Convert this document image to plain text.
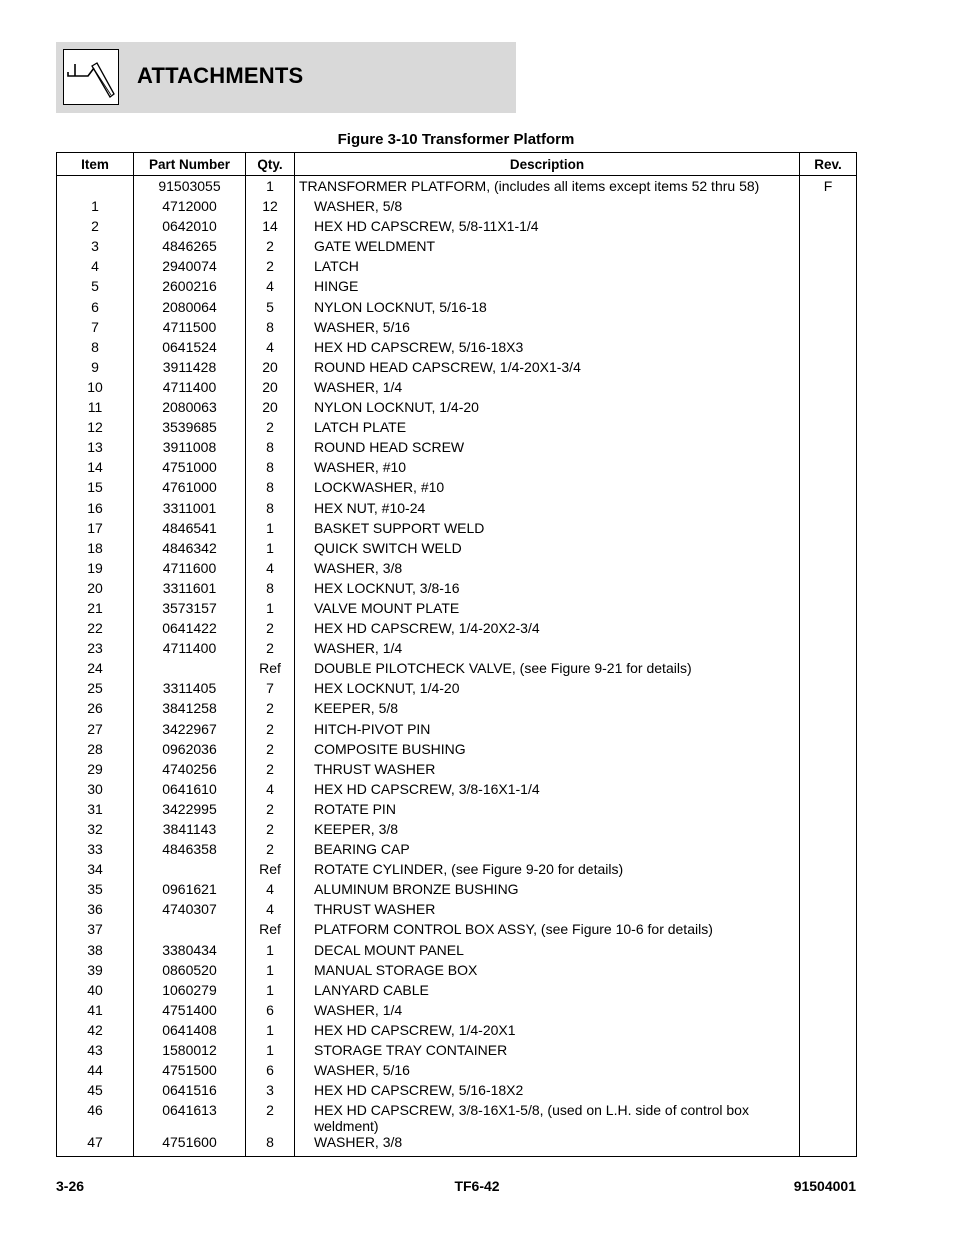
ATTACHMENTS
Figure 3-10 Transformer Platform
Item	Part Number	Qty.	Description	Rev.
	91503055	1	TRANSFORMER PLATFORM, (includes all items except items 52 thru 58)	F
1	4712000	12	WASHER, 5/8	
2	0642010	14	HEX HD CAPSCREW, 5/8-11X1-1/4	
3	4846265	2	GATE WELDMENT	
4	2940074	2	LATCH	
5	2600216	4	HINGE	
6	2080064	5	NYLON LOCKNUT, 5/16-18	
7	4711500	8	WASHER, 5/16	
8	0641524	4	HEX HD CAPSCREW, 5/16-18X3	
9	3911428	20	ROUND HEAD CAPSCREW, 1/4-20X1-3/4	
10	4711400	20	WASHER, 1/4	
11	2080063	20	NYLON LOCKNUT, 1/4-20	
12	3539685	2	LATCH PLATE	
13	3911008	8	ROUND HEAD SCREW	
14	4751000	8	WASHER, #10	
15	4761000	8	LOCKWASHER, #10	
16	3311001	8	HEX NUT, #10-24	
17	4846541	1	BASKET SUPPORT WELD	
18	4846342	1	QUICK SWITCH WELD	
19	4711600	4	WASHER, 3/8	
20	3311601	8	HEX LOCKNUT, 3/8-16	
21	3573157	1	VALVE MOUNT PLATE	
22	0641422	2	HEX HD CAPSCREW, 1/4-20X2-3/4	
23	4711400	2	WASHER, 1/4	
24		Ref	DOUBLE PILOTCHECK VALVE, (see Figure 9-21 for details)	
25	3311405	7	HEX LOCKNUT, 1/4-20	
26	3841258	2	KEEPER, 5/8	
27	3422967	2	HITCH-PIVOT PIN	
28	0962036	2	COMPOSITE BUSHING	
29	4740256	2	THRUST WASHER	
30	0641610	4	HEX HD CAPSCREW, 3/8-16X1-1/4	
31	3422995	2	ROTATE PIN	
32	3841143	2	KEEPER, 3/8	
33	4846358	2	BEARING CAP	
34		Ref	ROTATE CYLINDER, (see Figure 9-20 for details)	
35	0961621	4	ALUMINUM BRONZE BUSHING	
36	4740307	4	THRUST WASHER	
37		Ref	PLATFORM CONTROL BOX ASSY, (see Figure 10-6 for details)	
38	3380434	1	DECAL MOUNT PANEL	
39	0860520	1	MANUAL STORAGE BOX	
40	1060279	1	LANYARD CABLE	
41	4751400	6	WASHER, 1/4	
42	0641408	1	HEX HD CAPSCREW, 1/4-20X1	
43	1580012	1	STORAGE TRAY CONTAINER	
44	4751500	6	WASHER, 5/16	
45	0641516	3	HEX HD CAPSCREW, 5/16-18X2	
46	0641613	2	HEX HD CAPSCREW, 3/8-16X1-5/8, (used on L.H. side of control box weldment)	
47	4751600	8	WASHER, 3/8	
3-26	TF6-42	91504001
